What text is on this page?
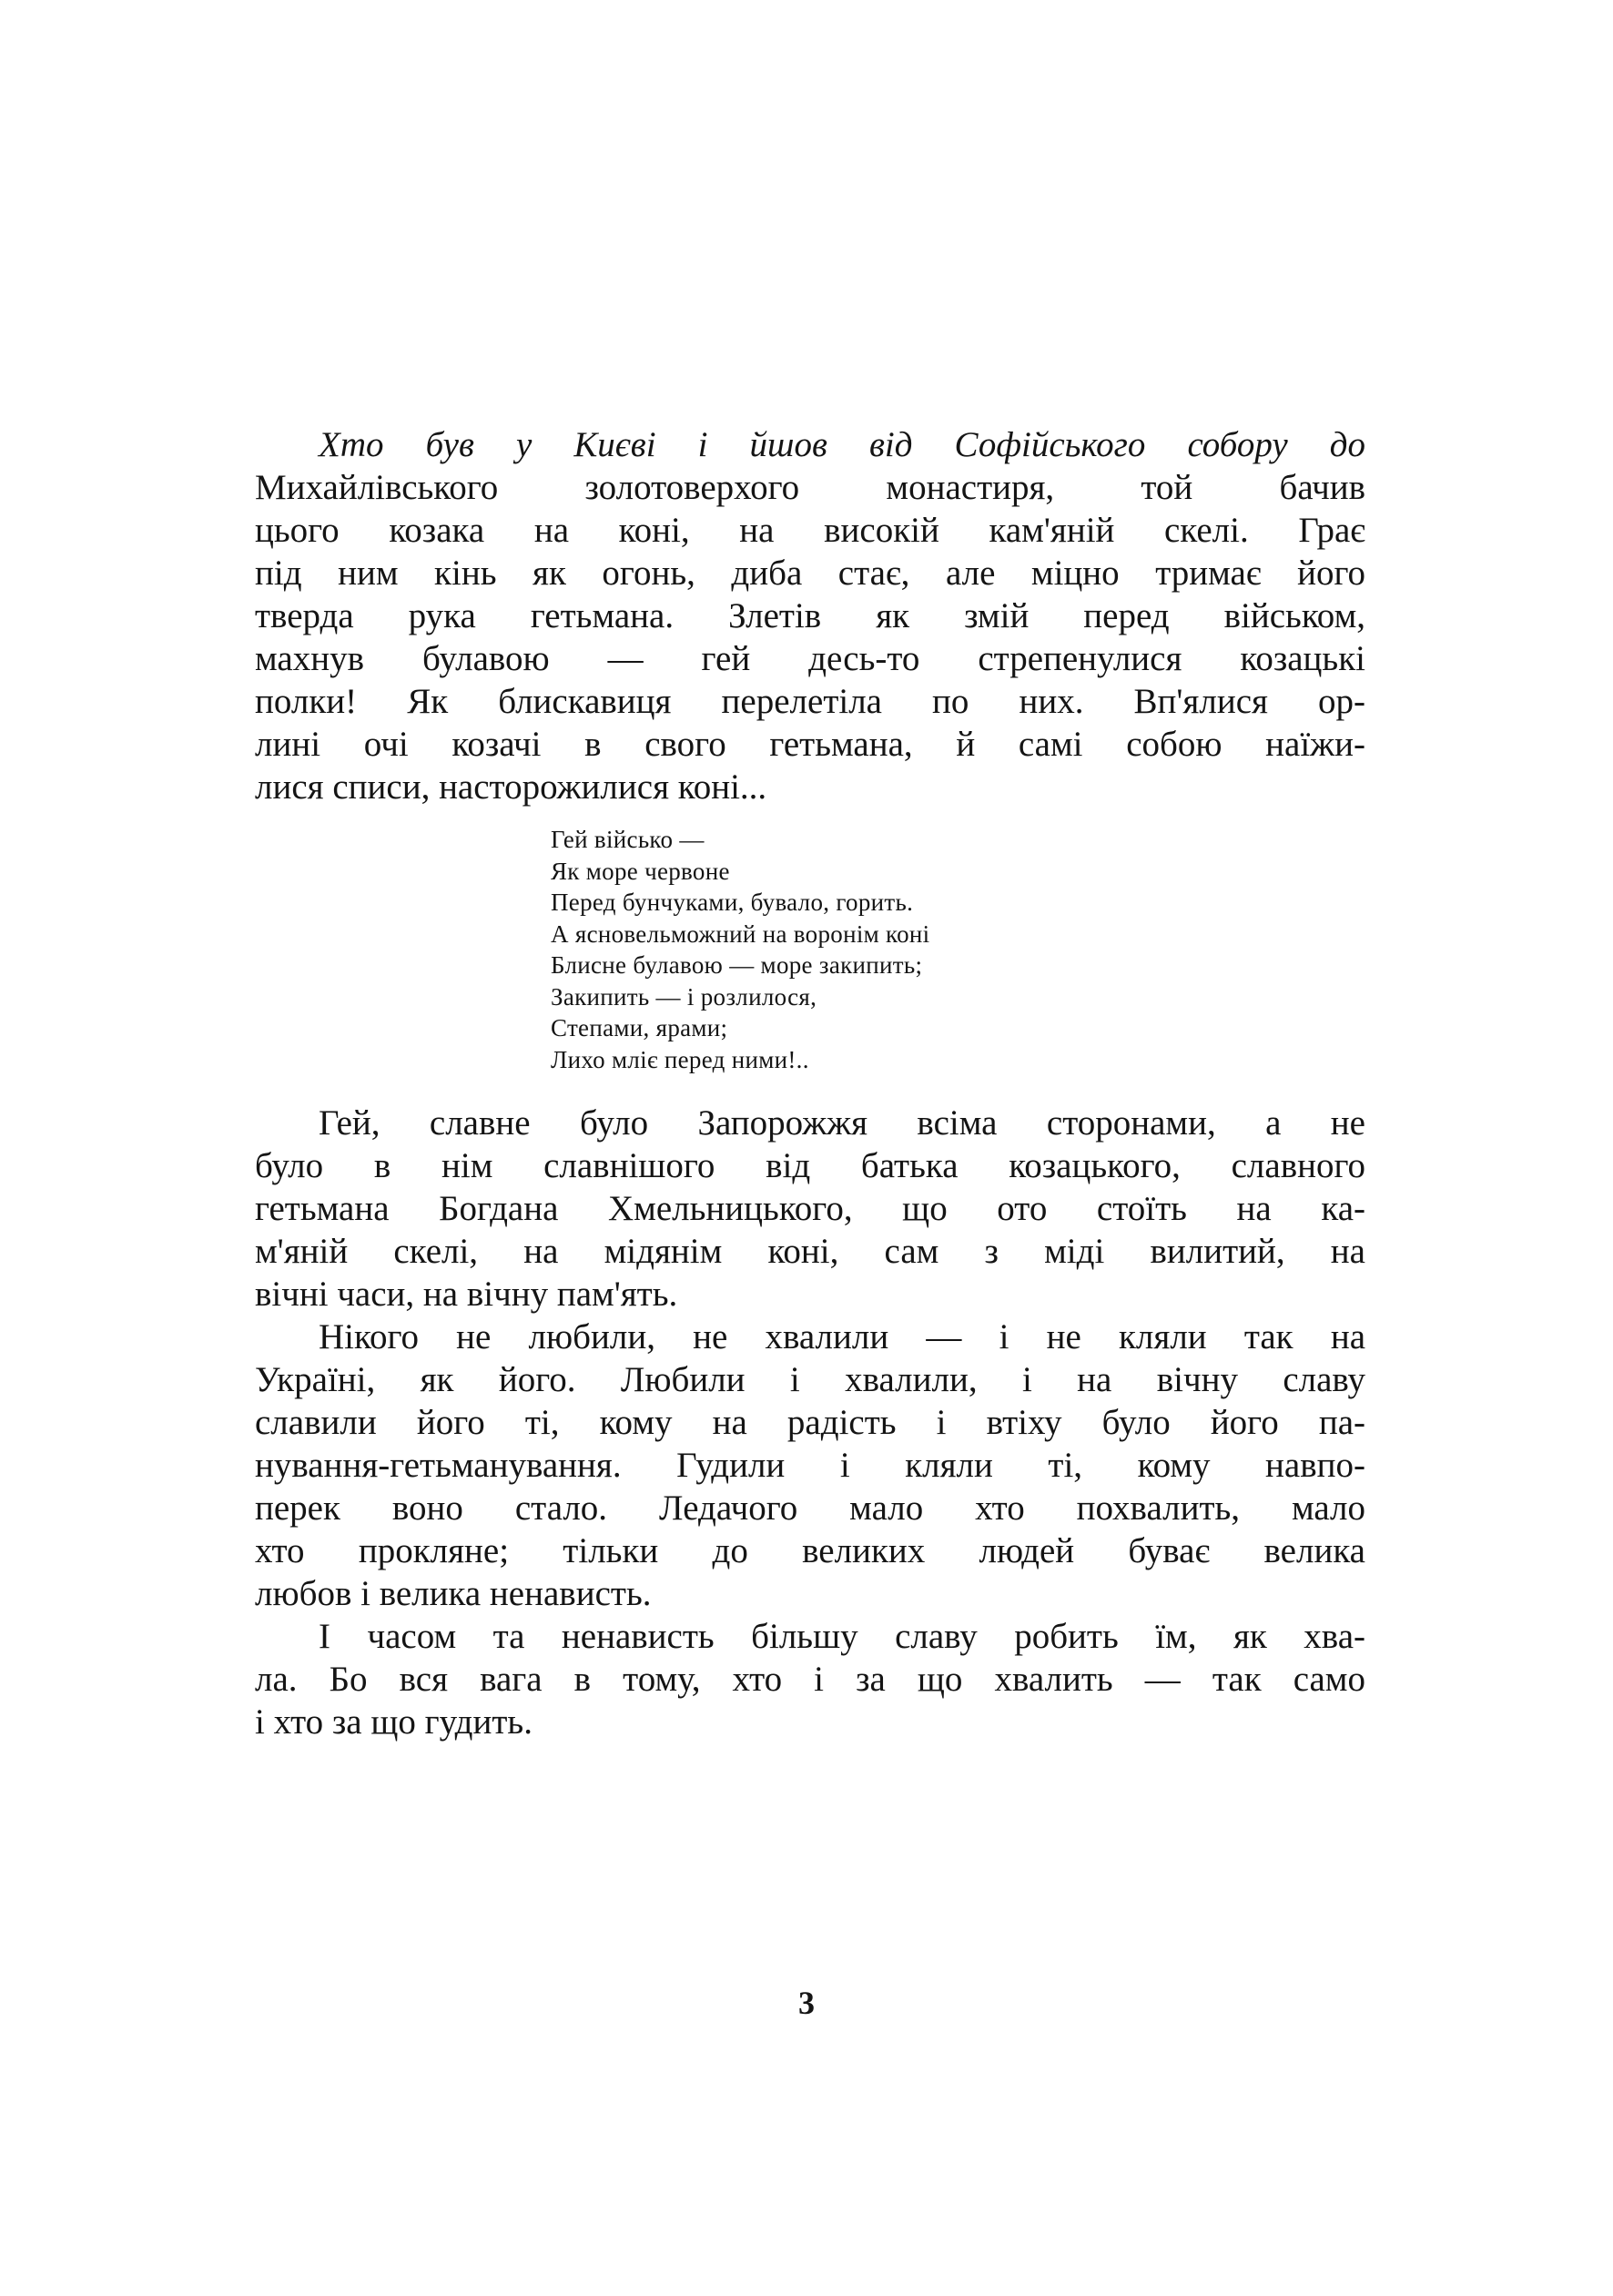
Хто був у Києві і йшов від Софійського собору до
Михайлівського золотоверхого монастиря, той бачив
цього козака на коні, на високій кам'яній скелі. Грає
під ним кінь як огонь, диба стає, але міцно тримає його
тверда рука гетьмана. Злетів як змій перед військом,
махнув булавою — гей десь-то стрепенулися козацькі
полки! Як блискавиця перелетіла по них. Вп'ялися ор-
лині очі козачі в свого гетьмана, й самі собою наїжи-
лися списи, насторожилися коні...
Гей військо —
Як море червоне
Перед бунчуками, бувало, горить.
А ясновельможний на воронім коні
Блисне булавою — море закипить;
Закипить — і розлилося,
Степами, ярами;
Лихо мліє перед ними!..
Гей, славне було Запорожжя всіма сторонами, а не
було в нім славнішого від батька козацького, славного
гетьмана Богдана Хмельницького, що ото стоїть на ка-
м'яній скелі, на мідянім коні, сам з міді вилитий, на
вічні часи, на вічну пам'ять.
Нікого не любили, не хвалили — і не кляли так на
Україні, як його. Любили і хвалили, і на вічну славу
славили його ті, кому на радість і втіху було його па-
нування-гетьманування. Гудили і кляли ті, кому навпо-
перек воно стало. Ледачого мало хто похвалить, мало
хто прокляне; тільки до великих людей буває велика
любов і велика ненависть.
І часом та ненависть більшу славу робить їм, як хва-
ла. Бо вся вага в тому, хто і за що хвалить — так само
і хто за що гудить.
3
